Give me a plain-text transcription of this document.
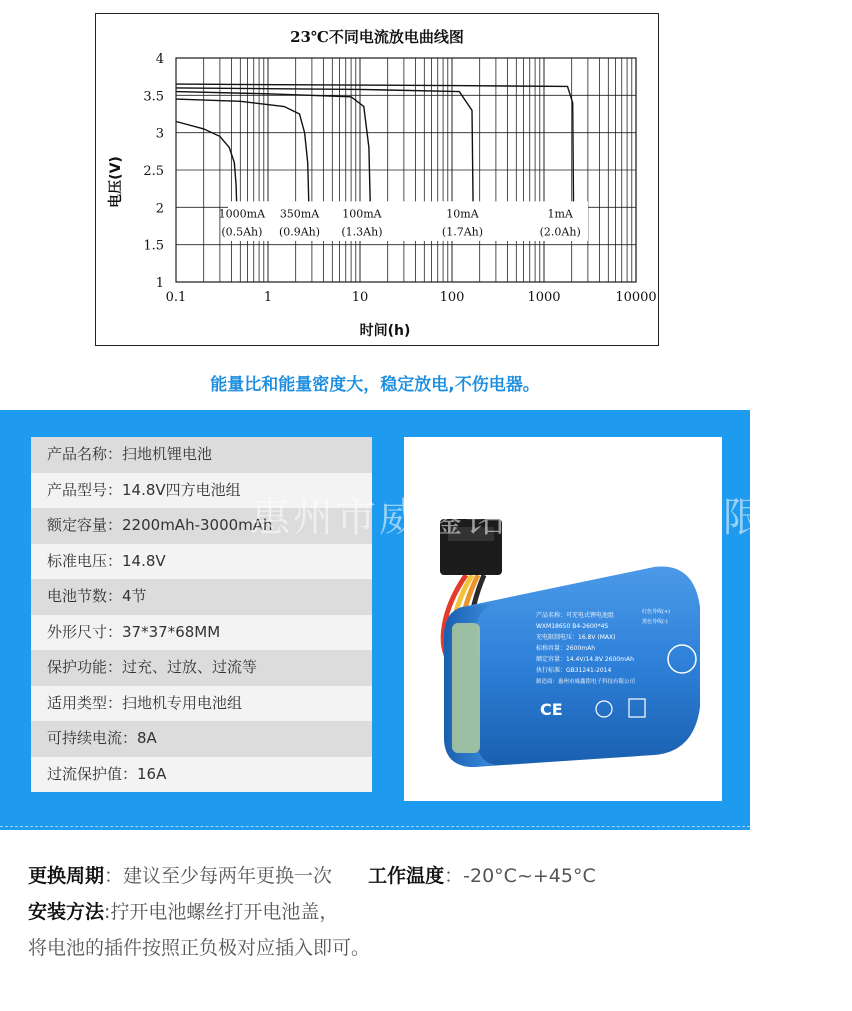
23℃不同电流放电曲线图
0.1	1	10	100	1000	10000
1
1.5
2
2.5
3
3.5
4
1000mA
(0.5Ah)
350mA
(0.9Ah)
100mA
(1.3Ah)
10mA
(1.7Ah)
1mA
(2.0Ah)
时间(h)
电压(V)
能量比和能量密度大，稳定放电,不伤电器。
产品名称：扫地机锂电池
产品型号：14.8V四方电池组
额定容量：2200mAh-3000mAh
标准电压：14.8V
电池节数：4节
外形尺寸：37*37*68MM
保护功能：过充、过放、过流等
适用类型：扫地机专用电池组
可持续电流：8A
过流保护值：16A
产品名称：可充电式锂电池组
WXM18650 B4-2600*4S
充电限制电压：16.8V (MAX)
标称容量：2600mAh
额定容量：14.4V/14.8V 2600mAh
执行标准：GB31241-2014
制造商：惠州市威鑫铭电子科技有限公司
红色导线(+)
黑色导线(-)
CE
惠州市威鑫铭电子科技有限公司
更换周期：建议至少每两年更换一次 工作温度：-20°C~+45°C
安装方法:拧开电池螺丝打开电池盖，
将电池的插件按照正负极对应插入即可。
